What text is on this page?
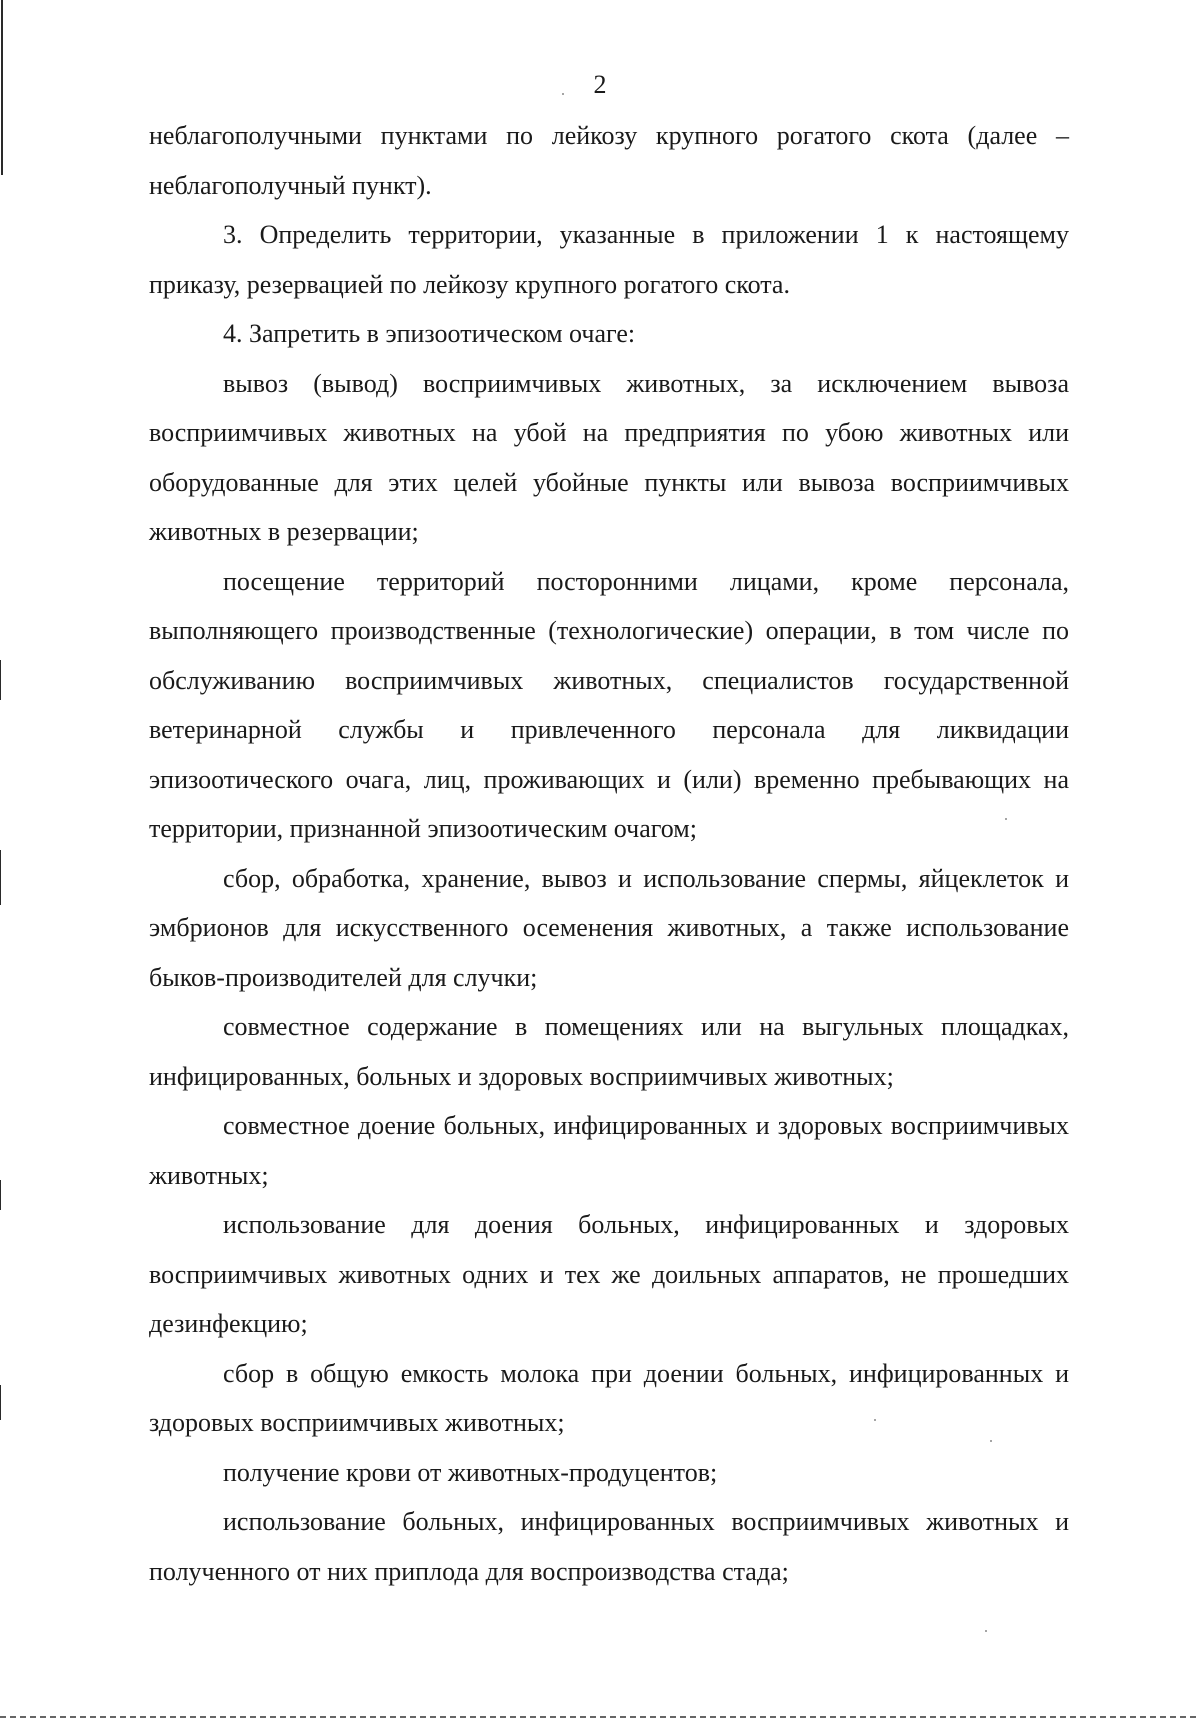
2

неблагополучными пунктами по лейкозу крупного рогатого скота (далее – неблагополучный пункт).

3. Определить территории, указанные в приложении 1 к настоящему приказу, резервацией по лейкозу крупного рогатого скота.

4. Запретить в эпизоотическом очаге:

вывоз (вывод) восприимчивых животных, за исключением вывоза восприимчивых животных на убой на предприятия по убою животных или оборудованные для этих целей убойные пункты или вывоза восприимчивых животных в резервации;

посещение территорий посторонними лицами, кроме персонала, выполняющего производственные (технологические) операции, в том числе по обслуживанию восприимчивых животных, специалистов государственной ветеринарной службы и привлеченного персонала для ликвидации эпизоотического очага, лиц, проживающих и (или) временно пребывающих на территории, признанной эпизоотическим очагом;

сбор, обработка, хранение, вывоз и использование спермы, яйцеклеток и эмбрионов для искусственного осеменения животных, а также использование быков-производителей для случки;

совместное содержание в помещениях или на выгульных площадках, инфицированных, больных и здоровых восприимчивых животных;

совместное доение больных, инфицированных и здоровых восприимчивых животных;

использование для доения больных, инфицированных и здоровых восприимчивых животных одних и тех же доильных аппаратов, не прошедших дезинфекцию;

сбор в общую емкость молока при доении больных, инфицированных и здоровых восприимчивых животных;

получение крови от животных-продуцентов;

использование больных, инфицированных восприимчивых животных и полученного от них приплода для воспроизводства стада;
